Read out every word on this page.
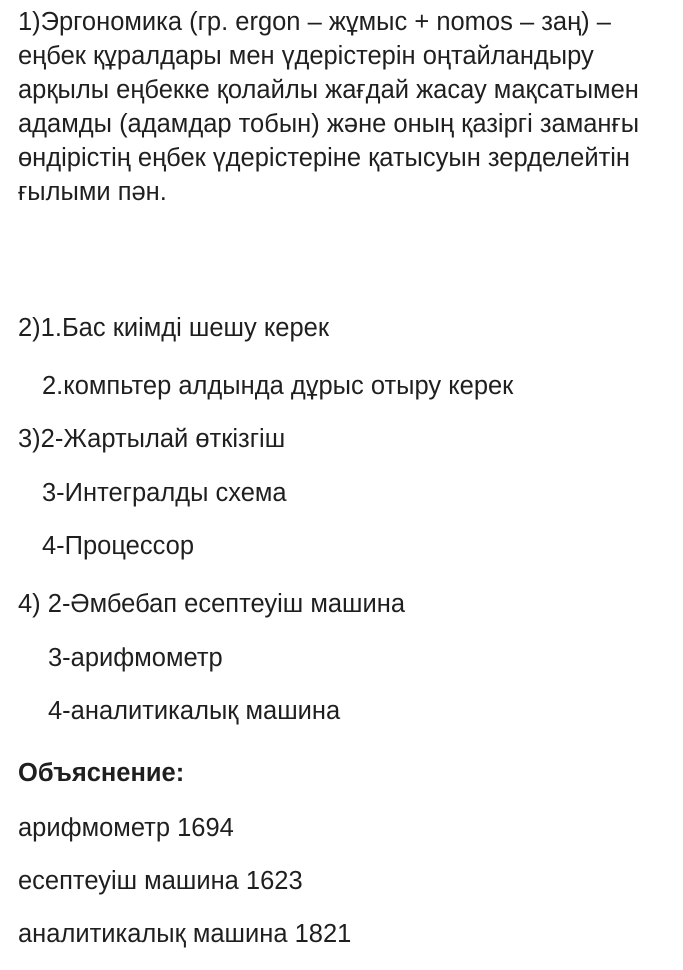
1)Эргономика (гр. ergon – жұмыс + nomos – заң) – еңбек құралдары мен үдерістерін оңтайландыру арқылы еңбекке қолайлы жағдай жасау мақсатымен адамды (адамдар тобын) және оның қазіргі заманғы өндірістің еңбек үдерістеріне қатысуын зерделейтін ғылыми пән.

2)1.Бас киімді шешу керек
2.компьтер алдында дұрыс отыру керек
3)2-Жартылай өткізгіш
3-Интегралды схема
4-Процессор
4) 2-Әмбебап есептеуіш машина
3-арифмометр
4-аналитикалық машина
Объяснение:
арифмометр 1694
есептеуіш машина 1623
аналитикалық машина 1821
